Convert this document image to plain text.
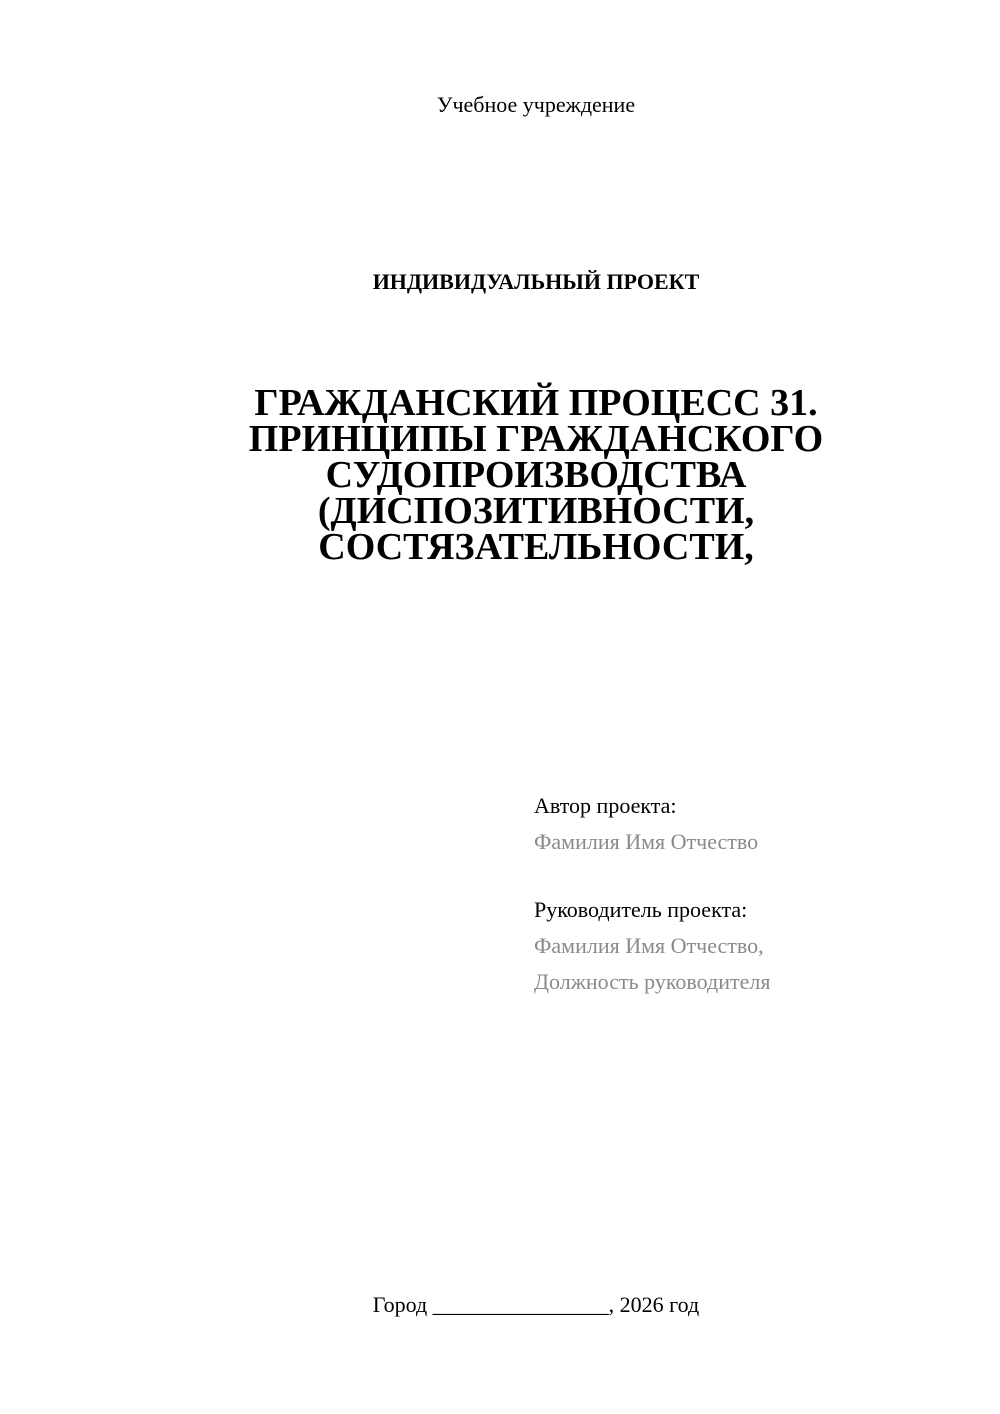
Учебное учреждение
ИНДИВИДУАЛЬНЫЙ ПРОЕКТ
ГРАЖДАНСКИЙ ПРОЦЕСС 31.
ПРИНЦИПЫ ГРАЖДАНСКОГО
СУДОПРОИЗВОДСТВА
(ДИСПОЗИТИВНОСТИ,
СОСТЯЗАТЕЛЬНОСТИ,
Автор проекта:
Фамилия Имя Отчество
Руководитель проекта:
Фамилия Имя Отчество,
Должность руководителя
Город ________________, 2026 год
